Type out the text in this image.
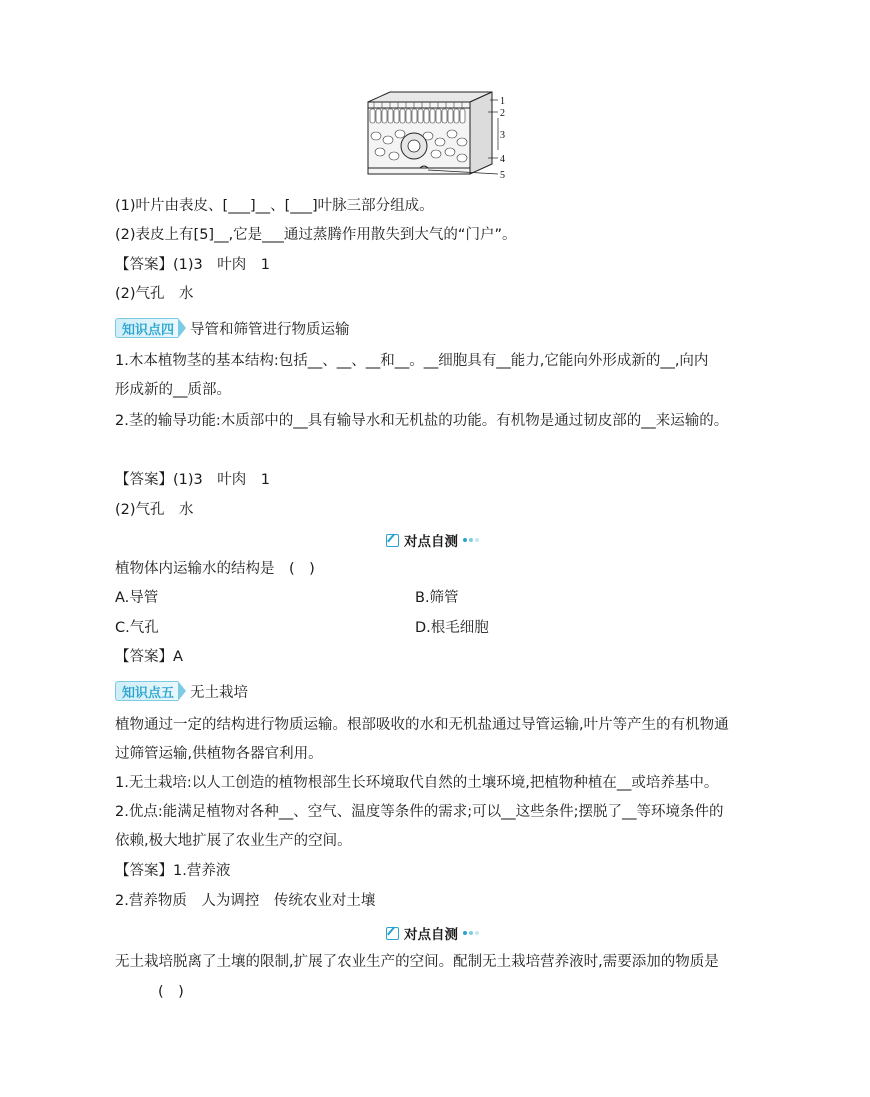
1
2
3
4
5
(1)叶片由表皮、[___]__、[___]叶脉三部分组成。
(2)表皮上有[5]__,它是___通过蒸腾作用散失到大气的“门户”。
【答案】(1)3　叶肉　1
(2)气孔　水
知识点四 导管和筛管进行物质运输
1.木本植物茎的基本结构:包括__、__、__和__。__细胞具有__能力,它能向外形成新的__,向内
形成新的__质部。
2.茎的输导功能:木质部中的__具有输导水和无机盐的功能。有机物是通过韧皮部的__来运输的。
【答案】(1)3　叶肉　1
(2)气孔　水
对点自测
植物体内运输水的结构是　(　)
A.导管	B.筛管
C.气孔	D.根毛细胞
【答案】A
知识点五 无土栽培
植物通过一定的结构进行物质运输。根部吸收的水和无机盐通过导管运输,叶片等产生的有机物通
过筛管运输,供植物各器官利用。
1.无土栽培:以人工创造的植物根部生长环境取代自然的土壤环境,把植物种植在__或培养基中。
2.优点:能满足植物对各种__、空气、温度等条件的需求;可以__这些条件;摆脱了__等环境条件的
依赖,极大地扩展了农业生产的空间。
【答案】1.营养液
2.营养物质　人为调控　传统农业对土壤
对点自测
无土栽培脱离了土壤的限制,扩展了农业生产的空间。配制无土栽培营养液时,需要添加的物质是
(　)
